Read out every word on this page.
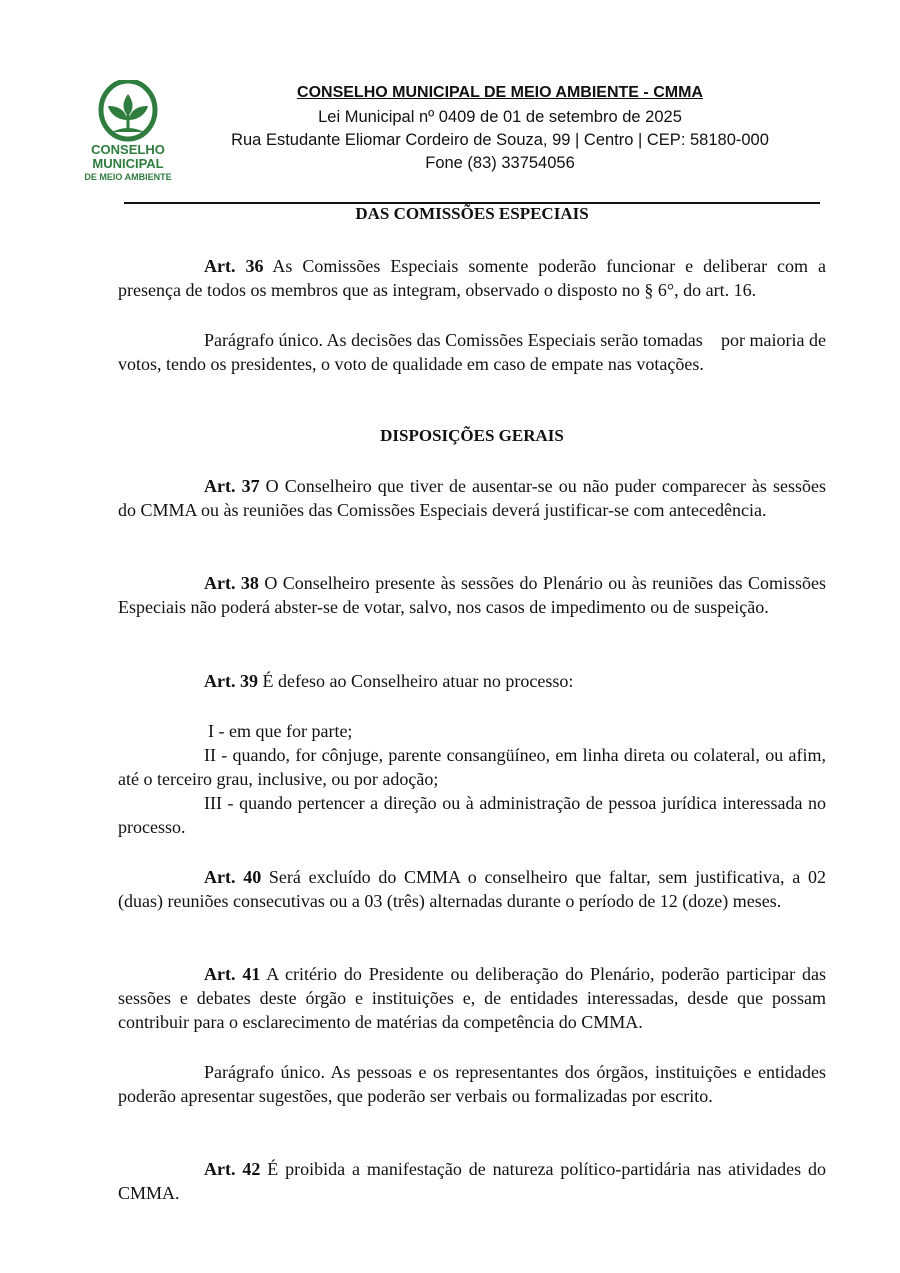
CONSELHO
MUNICIPAL
DE MEIO AMBIENTE
CONSELHO MUNICIPAL DE MEIO AMBIENTE - CMMA
Lei Municipal nº 0409 de 01 de setembro de 2025
Rua Estudante Eliomar Cordeiro de Souza, 99 | Centro | CEP: 58180-000
Fone (83) 33754056
DAS COMISSÕES ESPECIAIS
Art. 36 As Comissões Especiais somente poderão funcionar e deliberar com a presença de todos os membros que as integram, observado o disposto no § 6°, do art. 16.
Parágrafo único. As decisões das Comissões Especiais serão tomadas    por maioria de votos, tendo os presidentes, o voto de qualidade em caso de empate nas votações.
DISPOSIÇÕES GERAIS
Art. 37 O Conselheiro que tiver de ausentar-se ou não puder comparecer às sessões do CMMA ou às reuniões das Comissões Especiais deverá justificar-se com antecedência.
Art. 38 O Conselheiro presente às sessões do Plenário ou às reuniões das Comissões Especiais não poderá abster-se de votar, salvo, nos casos de impedimento ou de suspeição.
Art. 39 É defeso ao Conselheiro atuar no processo:
I - em que for parte;
II - quando, for cônjuge, parente consangüíneo, em linha direta ou colateral, ou afim, até o terceiro grau, inclusive, ou por adoção;
III - quando pertencer a direção ou à administração de pessoa jurídica interessada no processo.
Art. 40 Será excluído do CMMA o conselheiro que faltar, sem justificativa, a 02 (duas) reuniões consecutivas ou a 03 (três) alternadas durante o período de 12 (doze) meses.
Art. 41 A critério do Presidente ou deliberação do Plenário, poderão participar das sessões e debates deste órgão e instituições e, de entidades interessadas, desde que possam contribuir para o esclarecimento de matérias da competência do CMMA.
Parágrafo único. As pessoas e os representantes dos órgãos, instituições e entidades poderão apresentar sugestões, que poderão ser verbais ou formalizadas por escrito.
Art. 42 É proibida a manifestação de natureza político-partidária nas atividades do CMMA.
